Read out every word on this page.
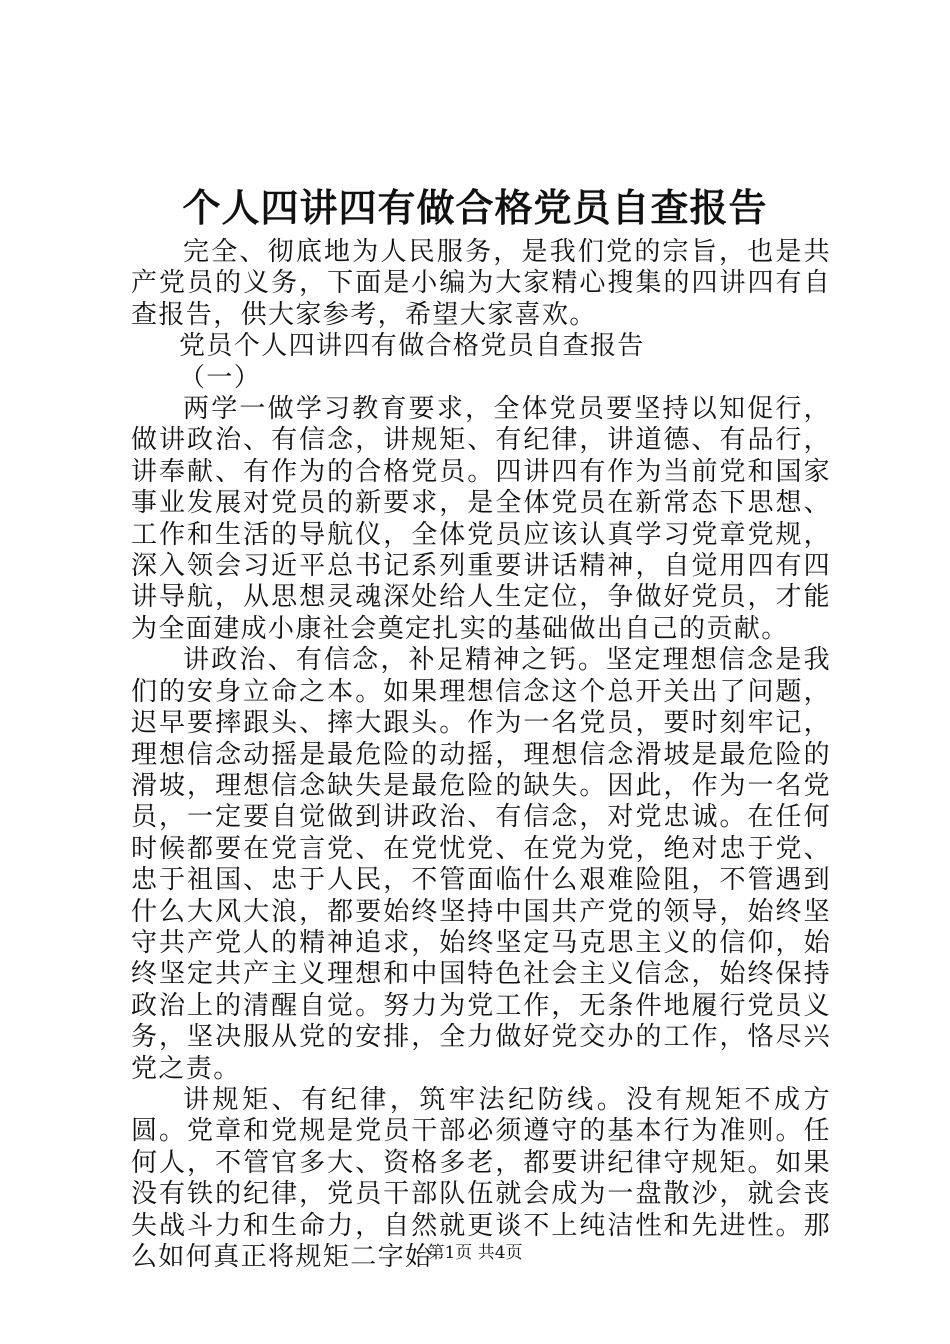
个人四讲四有做合格党员自查报告

完全、彻底地为人民服务，是我们党的宗旨，也是共产党员的义务，下面是小编为大家精心搜集的四讲四有自查报告，供大家参考，希望大家喜欢。

党员个人四讲四有做合格党员自查报告

（一）

两学一做学习教育要求，全体党员要坚持以知促行，做讲政治、有信念，讲规矩、有纪律，讲道德、有品行，讲奉献、有作为的合格党员。四讲四有作为当前党和国家事业发展对党员的新要求，是全体党员在新常态下思想、工作和生活的导航仪，全体党员应该认真学习党章党规，深入领会习近平总书记系列重要讲话精神，自觉用四有四讲导航，从思想灵魂深处给人生定位，争做好党员，才能为全面建成小康社会奠定扎实的基础做出自己的贡献。

讲政治、有信念，补足精神之钙。坚定理想信念是我们的安身立命之本。如果理想信念这个总开关出了问题，迟早要摔跟头、摔大跟头。作为一名党员，要时刻牢记，理想信念动摇是最危险的动摇，理想信念滑坡是最危险的滑坡，理想信念缺失是最危险的缺失。因此，作为一名党员，一定要自觉做到讲政治、有信念，对党忠诚。在任何时候都要在党言党、在党忧党、在党为党，绝对忠于党、忠于祖国、忠于人民，不管面临什么艰难险阻，不管遇到什么大风大浪，都要始终坚持中国共产党的领导，始终坚守共产党人的精神追求，始终坚定马克思主义的信仰，始终坚定共产主义理想和中国特色社会主义信念，始终保持政治上的清醒自觉。努力为党工作，无条件地履行党员义务，坚决服从党的安排，全力做好党交办的工作，恪尽兴党之责。

讲规矩、有纪律，筑牢法纪防线。没有规矩不成方圆。党章和党规是党员干部必须遵守的基本行为准则。任何人，不管官多大、资格多老，都要讲纪律守规矩。如果没有铁的纪律，党员干部队伍就会成为一盘散沙，就会丧失战斗力和生命力，自然就更谈不上纯洁性和先进性。那么如何真正将规矩二字始

第1页 共4页
